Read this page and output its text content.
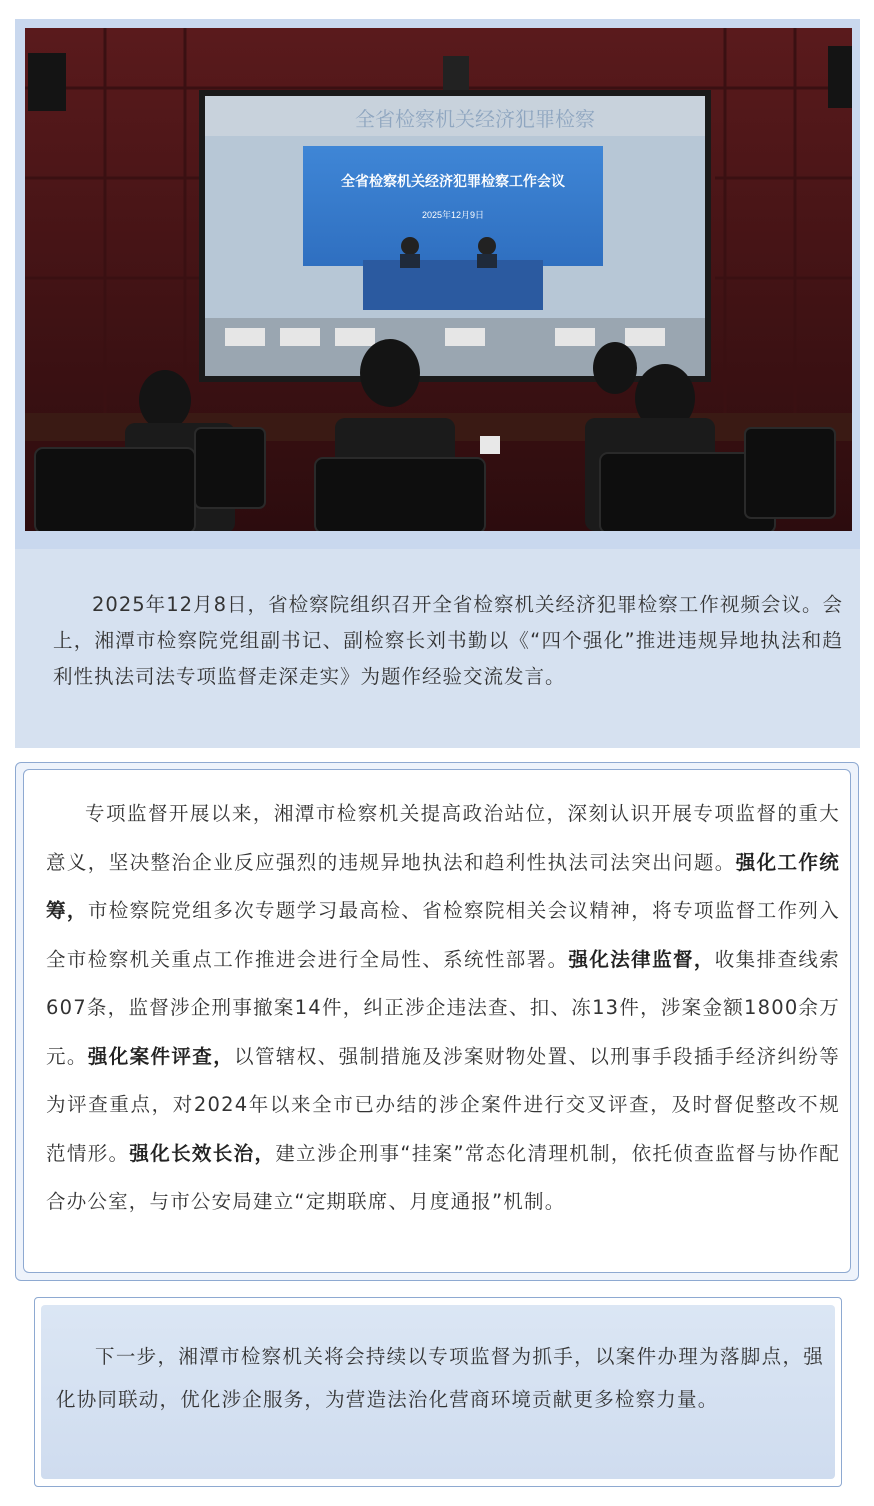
全省检察机关经济犯罪检察
全省检察机关经济犯罪检察工作会议
2025年12月9日

2025年12月8日，省检察院组织召开全省检察机关经济犯罪检察工作视频会议。会上，湘潭市检察院党组副书记、副检察长刘书勤以《“四个强化”推进违规异地执法和趋利性执法司法专项监督走深走实》为题作经验交流发言。

专项监督开展以来，湘潭市检察机关提高政治站位，深刻认识开展专项监督的重大意义，坚决整治企业反应强烈的违规异地执法和趋利性执法司法突出问题。强化工作统筹，市检察院党组多次专题学习最高检、省检察院相关会议精神，将专项监督工作列入全市检察机关重点工作推进会进行全局性、系统性部署。强化法律监督，收集排查线索607条，监督涉企刑事撤案14件，纠正涉企违法查、扣、冻13件，涉案金额1800余万元。强化案件评查，以管辖权、强制措施及涉案财物处置、以刑事手段插手经济纠纷等为评查重点，对2024年以来全市已办结的涉企案件进行交叉评查，及时督促整改不规范情形。强化长效长治，建立涉企刑事“挂案”常态化清理机制，依托侦查监督与协作配合办公室，与市公安局建立“定期联席、月度通报”机制。

下一步，湘潭市检察机关将会持续以专项监督为抓手，以案件办理为落脚点，强化协同联动，优化涉企服务，为营造法治化营商环境贡献更多检察力量。
